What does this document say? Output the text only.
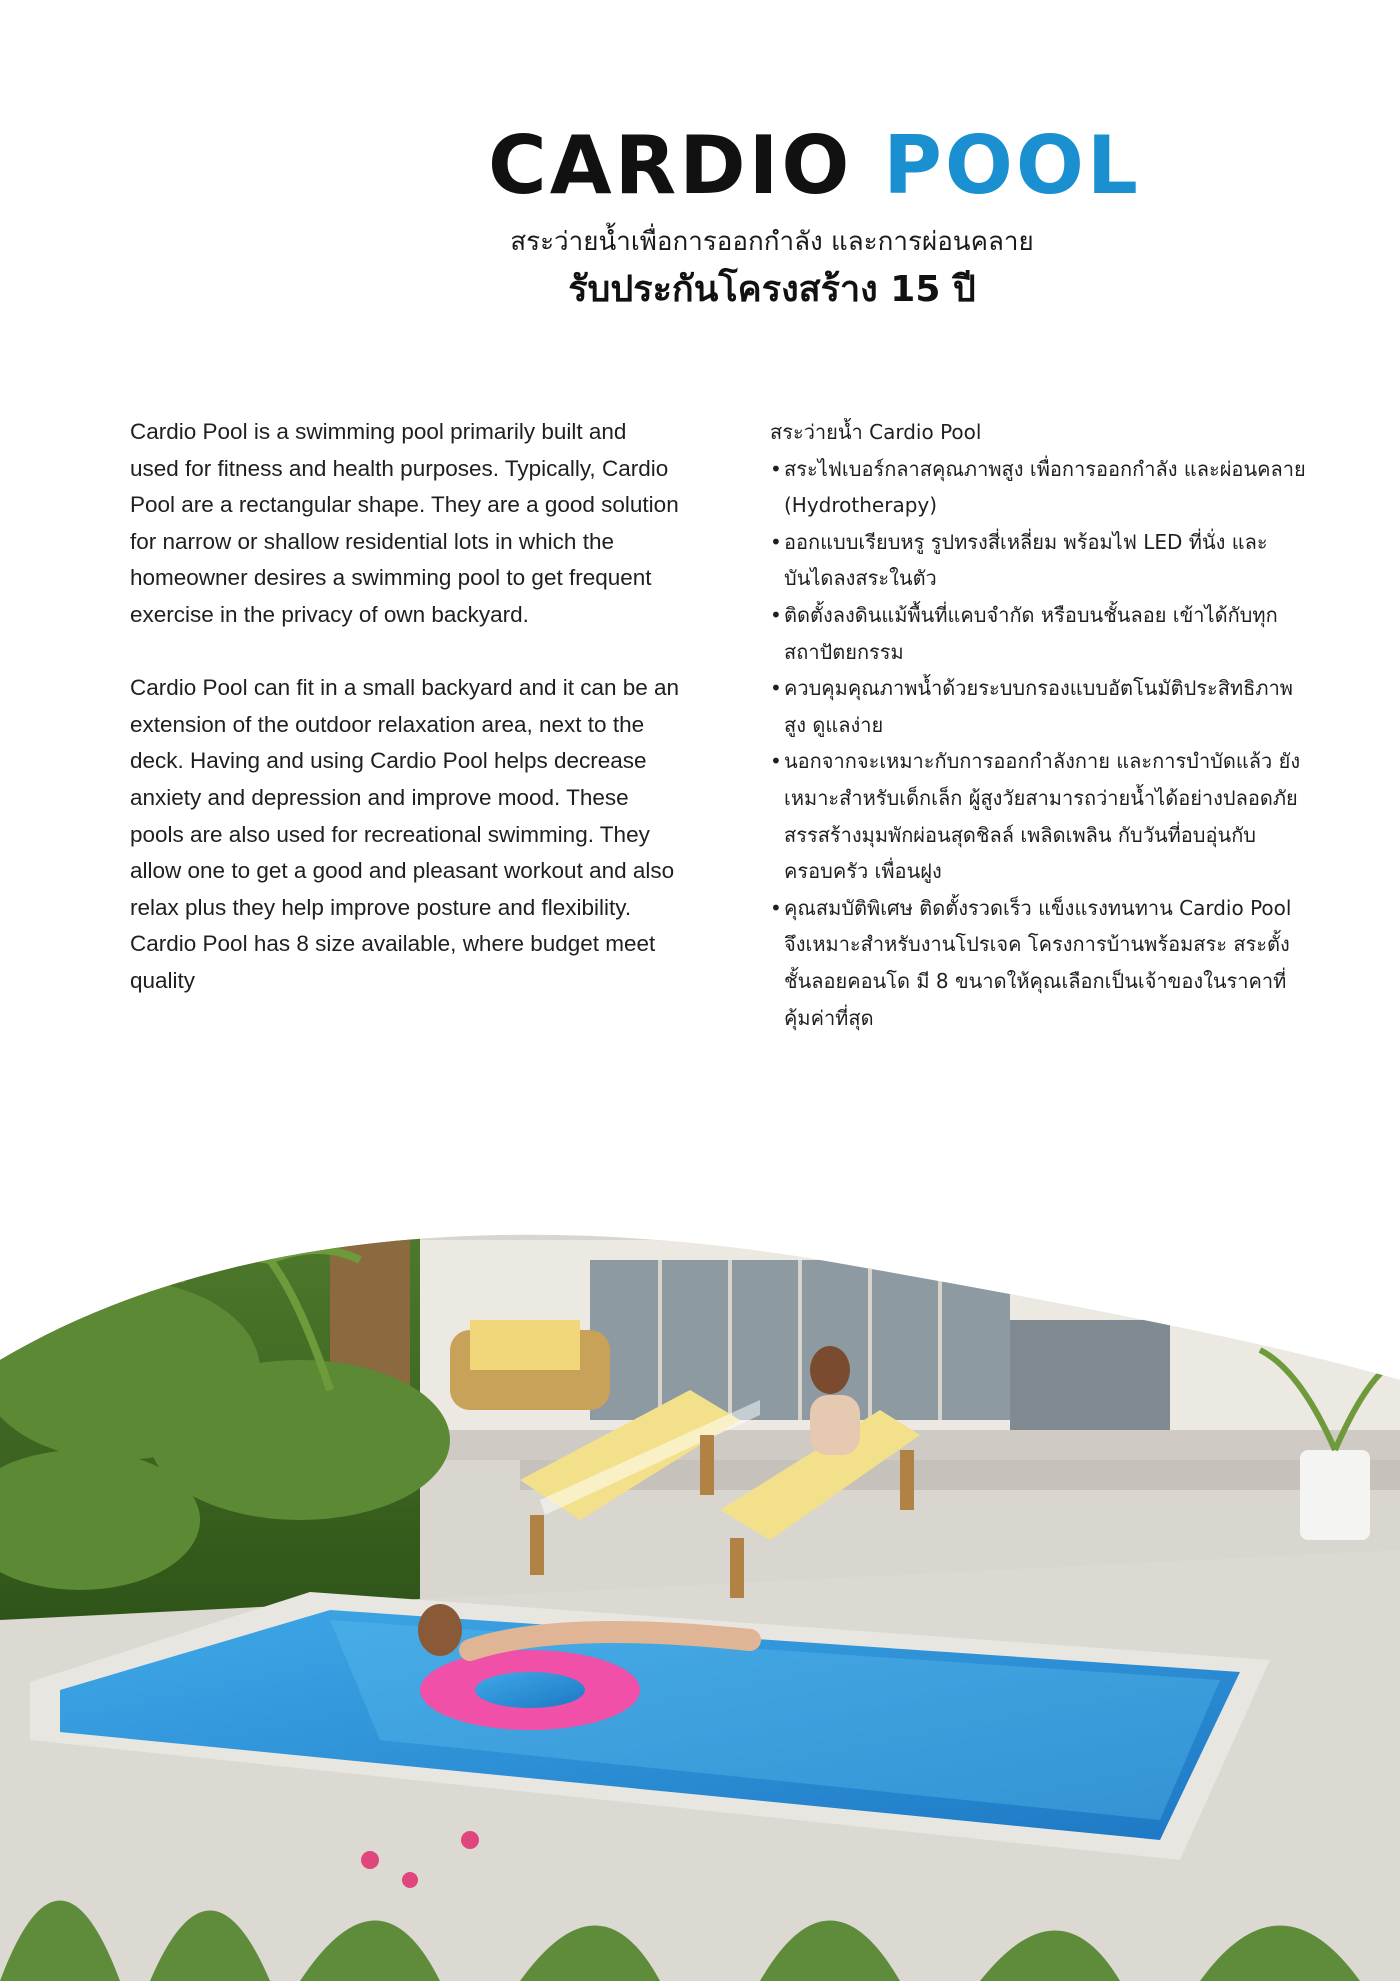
CARDIO POOL

สระว่ายน้ำเพื่อการออกกำลัง และการผ่อนคลาย

รับประกันโครงสร้าง 15 ปี

Cardio Pool is a swimming pool primarily built and used for fitness and health purposes. Typically, Cardio Pool are a rectangular shape. They are a good solution for narrow or shallow residential lots in which the homeowner desires a swimming pool to get frequent exercise in the privacy of own backyard.

Cardio Pool can fit in a small backyard and it can be an extension of the outdoor relaxation area, next to the deck. Having and using Cardio Pool helps decrease anxiety and depression and improve mood. These pools are also used for recreational swimming. They allow one to get a good and pleasant workout and also relax plus they help improve posture and flexibility. Cardio Pool has 8 size available, where budget meet quality

สระว่ายน้ำ Cardio Pool

• สระไฟเบอร์กลาสคุณภาพสูง เพื่อการออกกำลัง และผ่อนคลาย (Hydrotherapy)
• ออกแบบเรียบหรู รูปทรงสี่เหลี่ยม พร้อมไฟ LED ที่นั่ง และบันไดลงสระในตัว
• ติดตั้งลงดินแม้พื้นที่แคบจำกัด หรือบนชั้นลอย เข้าได้กับทุกสถาปัตยกรรม
• ควบคุมคุณภาพน้ำด้วยระบบกรองแบบอัตโนมัติประสิทธิภาพสูง ดูแลง่าย
• นอกจากจะเหมาะกับการออกกำลังกาย และการบำบัดแล้ว ยังเหมาะสำหรับเด็กเล็ก ผู้สูงวัยสามารถว่ายน้ำได้อย่างปลอดภัย สรรสร้างมุมพักผ่อนสุดชิลล์ เพลิดเพลิน กับวันที่อบอุ่นกับครอบครัว เพื่อนฝูง
• คุณสมบัติพิเศษ ติดตั้งรวดเร็ว แข็งแรงทนทาน Cardio Pool จึงเหมาะสำหรับงานโปรเจค โครงการบ้านพร้อมสระ สระตั้งชั้นลอยคอนโด มี 8 ขนาดให้คุณเลือกเป็นเจ้าของในราคาที่คุ้มค่าที่สุด
